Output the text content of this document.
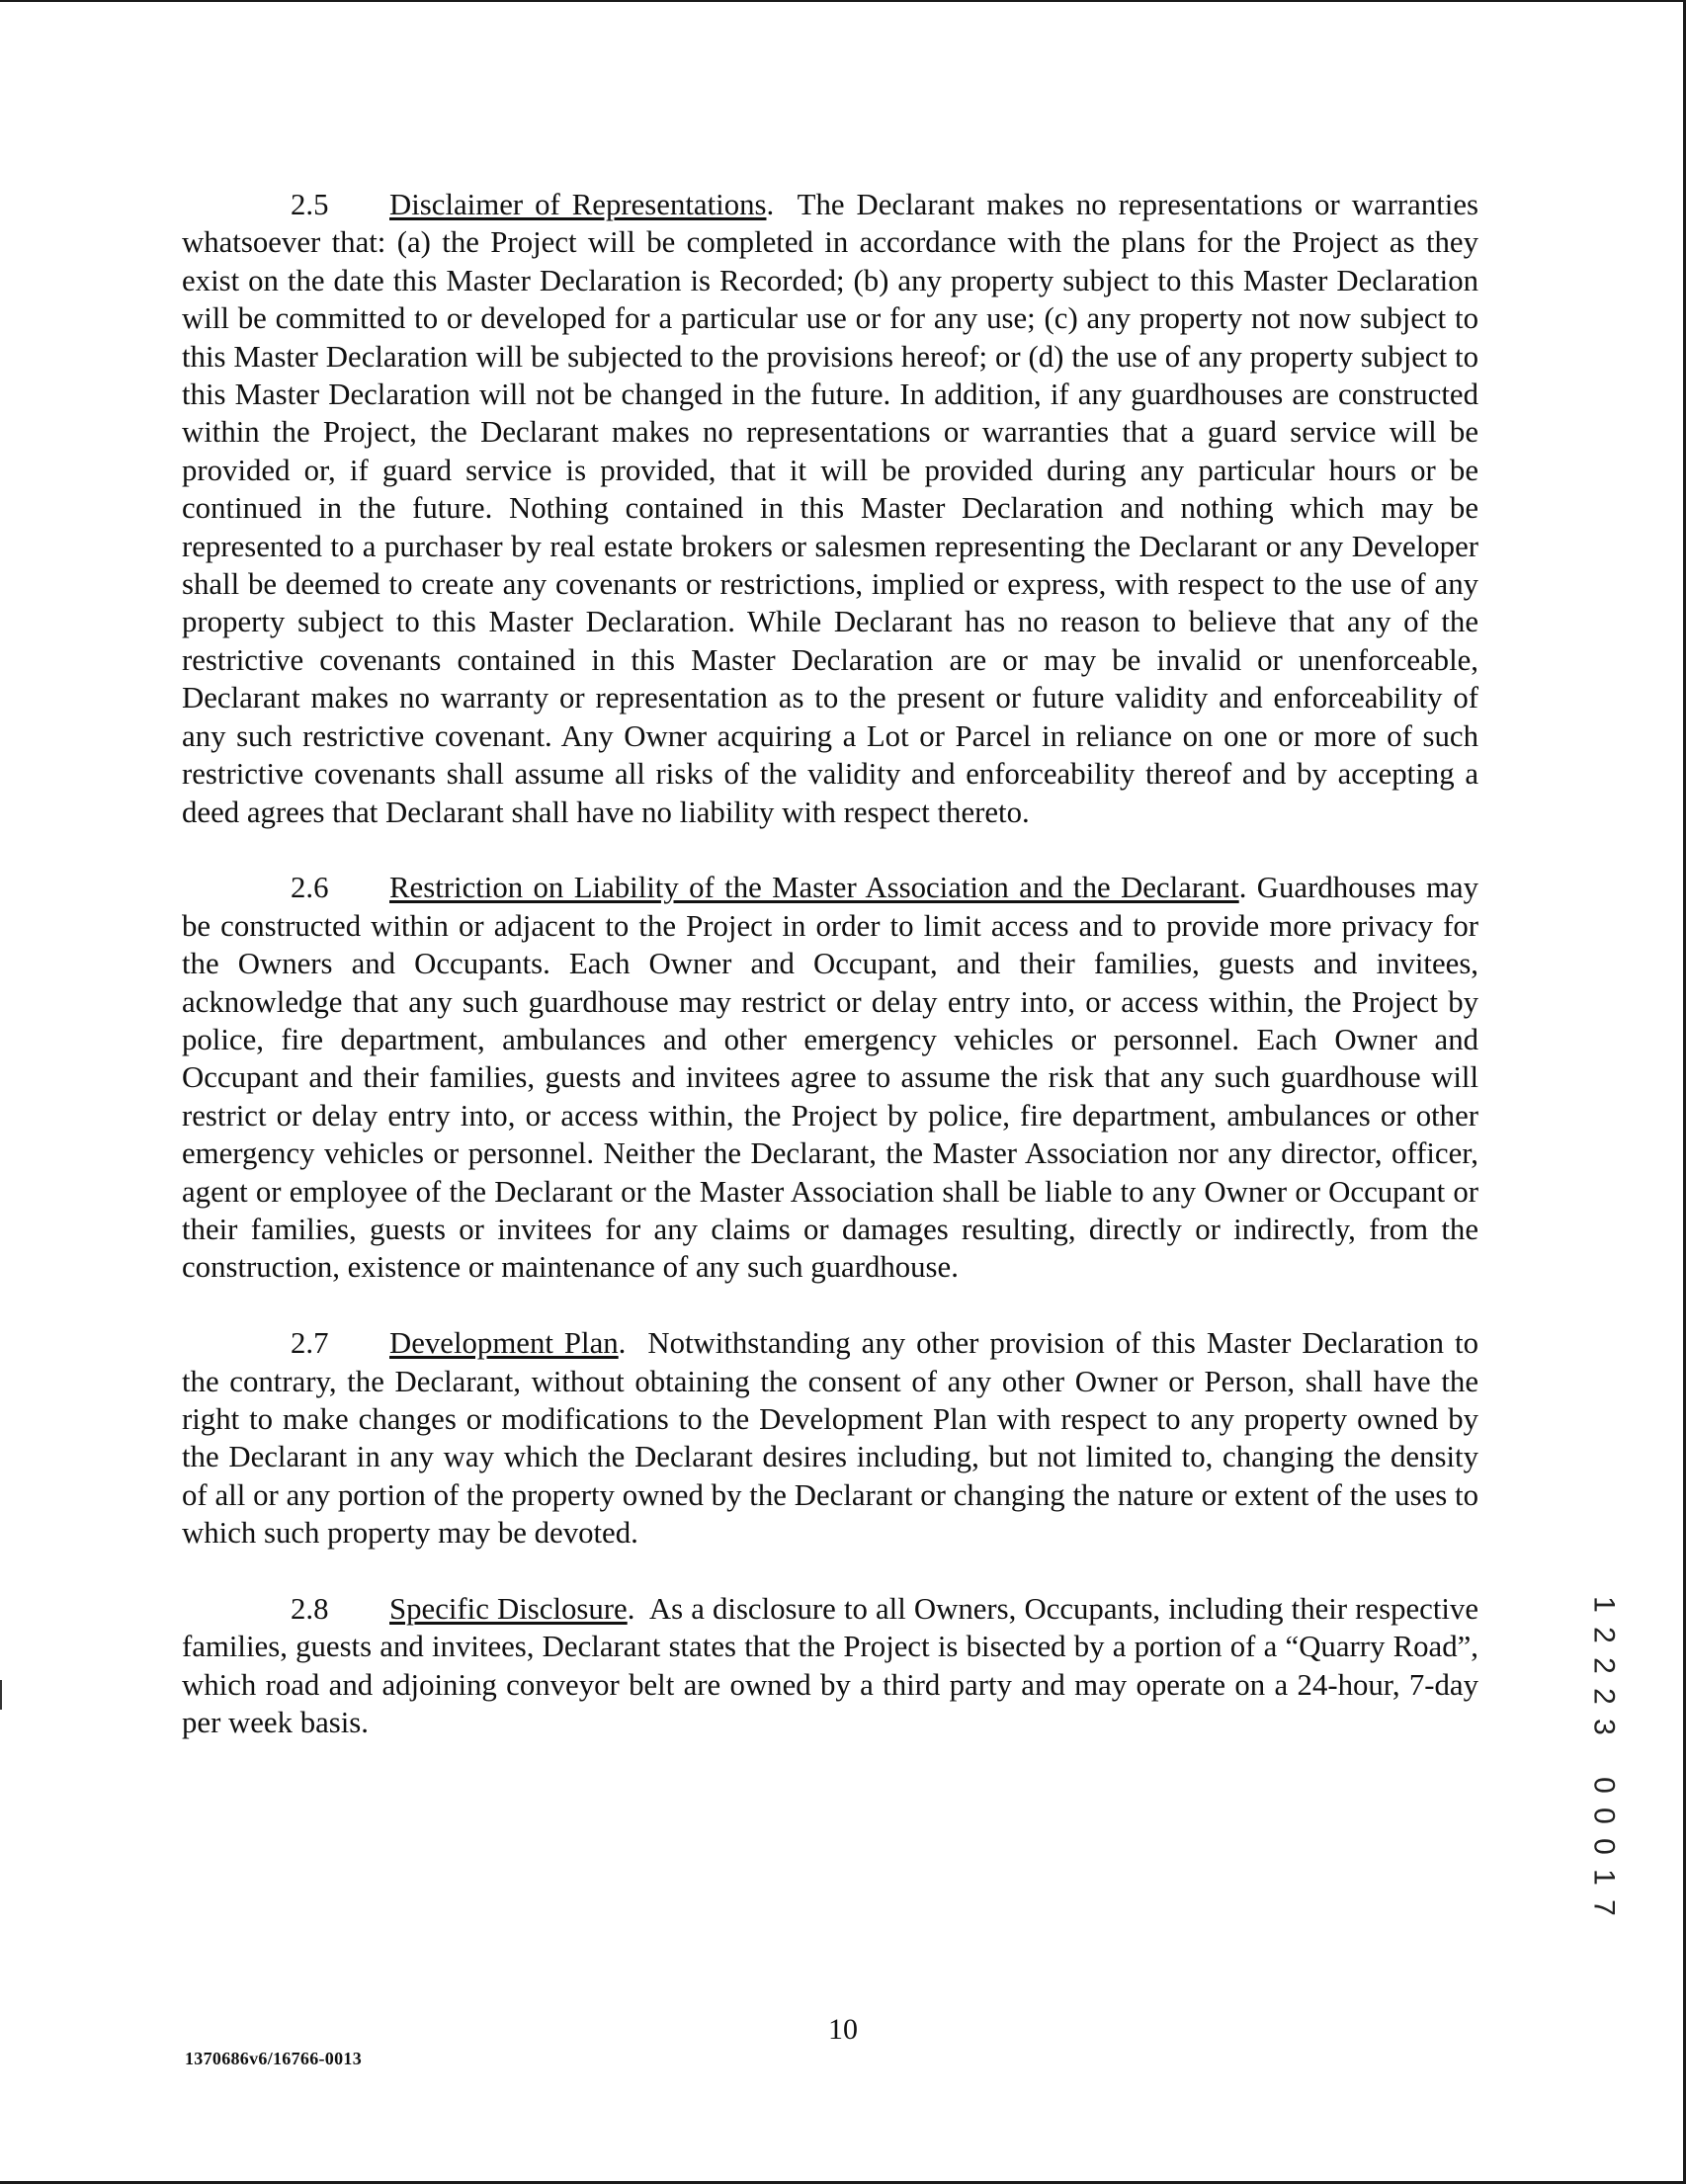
2.5 Disclaimer of Representations. The Declarant makes no representations or warranties whatsoever that: (a) the Project will be completed in accordance with the plans for the Project as they exist on the date this Master Declaration is Recorded; (b) any property subject to this Master Declaration will be committed to or developed for a particular use or for any use; (c) any property not now subject to this Master Declaration will be subjected to the provisions hereof; or (d) the use of any property subject to this Master Declaration will not be changed in the future. In addition, if any guardhouses are constructed within the Project, the Declarant makes no representations or warranties that a guard service will be provided or, if guard service is provided, that it will be provided during any particular hours or be continued in the future. Nothing contained in this Master Declaration and nothing which may be represented to a purchaser by real estate brokers or salesmen representing the Declarant or any Developer shall be deemed to create any covenants or restrictions, implied or express, with respect to the use of any property subject to this Master Declaration. While Declarant has no reason to believe that any of the restrictive covenants contained in this Master Declaration are or may be invalid or unenforceable, Declarant makes no warranty or representation as to the present or future validity and enforceability of any such restrictive covenant. Any Owner acquiring a Lot or Parcel in reliance on one or more of such restrictive covenants shall assume all risks of the validity and enforceability thereof and by accepting a deed agrees that Declarant shall have no liability with respect thereto.

2.6 Restriction on Liability of the Master Association and the Declarant. Guardhouses may be constructed within or adjacent to the Project in order to limit access and to provide more privacy for the Owners and Occupants. Each Owner and Occupant, and their families, guests and invitees, acknowledge that any such guardhouse may restrict or delay entry into, or access within, the Project by police, fire department, ambulances and other emergency vehicles or personnel. Each Owner and Occupant and their families, guests and invitees agree to assume the risk that any such guardhouse will restrict or delay entry into, or access within, the Project by police, fire department, ambulances or other emergency vehicles or personnel. Neither the Declarant, the Master Association nor any director, officer, agent or employee of the Declarant or the Master Association shall be liable to any Owner or Occupant or their families, guests or invitees for any claims or damages resulting, directly or indirectly, from the construction, existence or maintenance of any such guardhouse.

2.7 Development Plan. Notwithstanding any other provision of this Master Declaration to the contrary, the Declarant, without obtaining the consent of any other Owner or Person, shall have the right to make changes or modifications to the Development Plan with respect to any property owned by the Declarant in any way which the Declarant desires including, but not limited to, changing the density of all or any portion of the property owned by the Declarant or changing the nature or extent of the uses to which such property may be devoted.

2.8 Specific Disclosure. As a disclosure to all Owners, Occupants, including their respective families, guests and invitees, Declarant states that the Project is bisected by a portion of a “Quarry Road”, which road and adjoining conveyor belt are owned by a third party and may operate on a 24-hour, 7-day per week basis.

1
2
2
2
3
0
0
0
1
7
10
1370686v6/16766-0013
